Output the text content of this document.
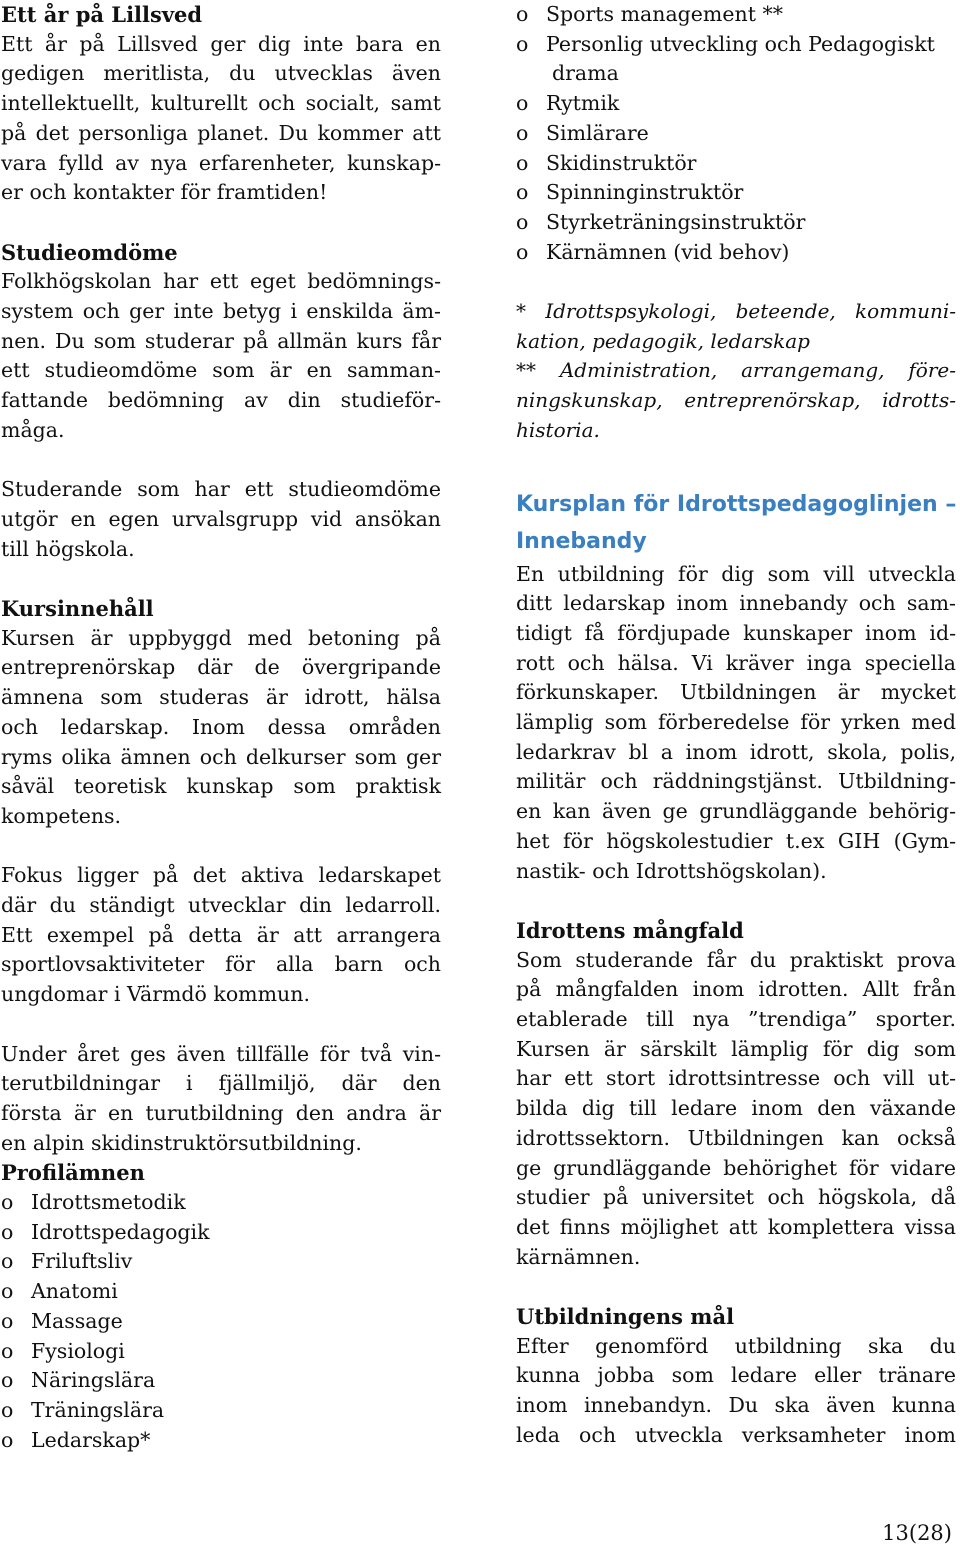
Ett år på Lillsved

Ett år på Lillsved ger dig inte bara en
gedigen meritlista, du utvecklas även
intellektuellt, kulturellt och socialt, samt
på det personliga planet. Du kommer att
vara fylld av nya erfarenheter, kunskap-
er och kontakter för framtiden!

Studieomdöme

Folkhögskolan har ett eget bedömnings-
system och ger inte betyg i enskilda äm-
nen. Du som studerar på allmän kurs får
ett studieomdöme som är en samman-
fattande bedömning av din studieför-
måga.
Studerande som har ett studieomdöme
utgör en egen urvalsgrupp vid ansökan
till högskola.

Kursinnehåll

Kursen är uppbyggd med betoning på
entreprenörskap där de övergripande
ämnena som studeras är idrott, hälsa
och ledarskap. Inom dessa områden
ryms olika ämnen och delkurser som ger
såväl teoretisk kunskap som praktisk
kompetens.
Fokus ligger på det aktiva ledarskapet
där du ständigt utvecklar din ledarroll.
Ett exempel på detta är att arrangera
sportlovsaktiviteter för alla barn och
ungdomar i Värmdö kommun.
Under året ges även tillfälle för två vin-
terutbildningar i fjällmiljö, där den
första är en turutbildning den andra är
en alpin skidinstruktörsutbildning.

Profilämnen

o Idrottsmetodik
o Idrottspedagogik
o Friluftsliv
o Anatomi
o Massage
o Fysiologi
o Näringslära
o Träningslära
o Ledarskap*
o Sports management **
o Personlig utveckling och Pedagogiskt
drama
o Rytmik
o Simlärare
o Skidinstruktör
o Spinninginstruktör
o Styrketräningsinstruktör
o Kärnämnen (vid behov)
* Idrottspsykologi, beteende, kommuni-
kation, pedagogik, ledarskap
** Administration, arrangemang, före-
ningskunskap, entreprenörskap, idrotts-
historia.
Kursplan för Idrottspedagoglinjen –
Innebandy
En utbildning för dig som vill utveckla
ditt ledarskap inom innebandy och sam-
tidigt få fördjupade kunskaper inom id-
rott och hälsa. Vi kräver inga speciella
förkunskaper. Utbildningen är mycket
lämplig som förberedelse för yrken med
ledarkrav bl a inom idrott, skola, polis,
militär och räddningstjänst. Utbildning-
en kan även ge grundläggande behörig-
het för högskolestudier t.ex GIH (Gym-
nastik- och Idrottshögskolan).

Idrottens mångfald

Som studerande får du praktiskt prova
på mångfalden inom idrotten. Allt från
etablerade till nya ”trendiga” sporter.
Kursen är särskilt lämplig för dig som
har ett stort idrottsintresse och vill ut-
bilda dig till ledare inom den växande
idrottssektorn. Utbildningen kan också
ge grundläggande behörighet för vidare
studier på universitet och högskola, då
det finns möjlighet att komplettera vissa
kärnämnen.

Utbildningens mål

Efter genomförd utbildning ska du
kunna jobba som ledare eller tränare
inom innebandyn. Du ska även kunna
leda och utveckla verksamheter inom
13(28)
